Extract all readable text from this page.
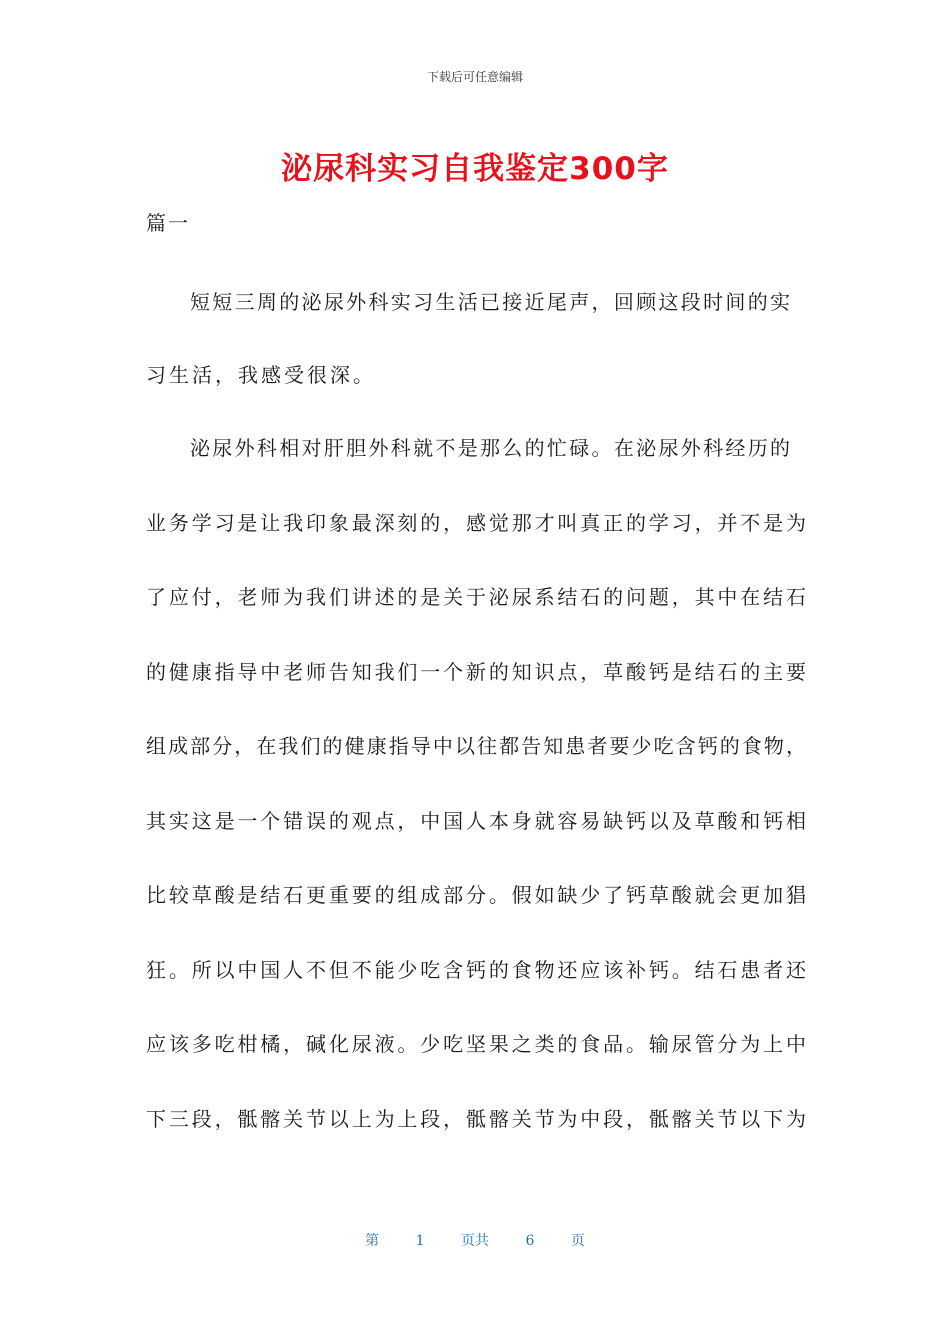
下载后可任意编辑
泌尿科实习自我鉴定300字
篇一
短短三周的泌尿外科实习生活已接近尾声，回顾这段时间的实
习生活，我感受很深。
泌尿外科相对肝胆外科就不是那么的忙碌。在泌尿外科经历的
业务学习是让我印象最深刻的，感觉那才叫真正的学习，并不是为
了应付，老师为我们讲述的是关于泌尿系结石的问题，其中在结石
的健康指导中老师告知我们一个新的知识点，草酸钙是结石的主要
组成部分，在我们的健康指导中以往都告知患者要少吃含钙的食物，
其实这是一个错误的观点，中国人本身就容易缺钙以及草酸和钙相
比较草酸是结石更重要的组成部分。假如缺少了钙草酸就会更加猖
狂。所以中国人不但不能少吃含钙的食物还应该补钙。结石患者还
应该多吃柑橘，碱化尿液。少吃坚果之类的食品。输尿管分为上中
下三段，骶髂关节以上为上段，骶髂关节为中段，骶髂关节以下为
第	1	页共	6	页
